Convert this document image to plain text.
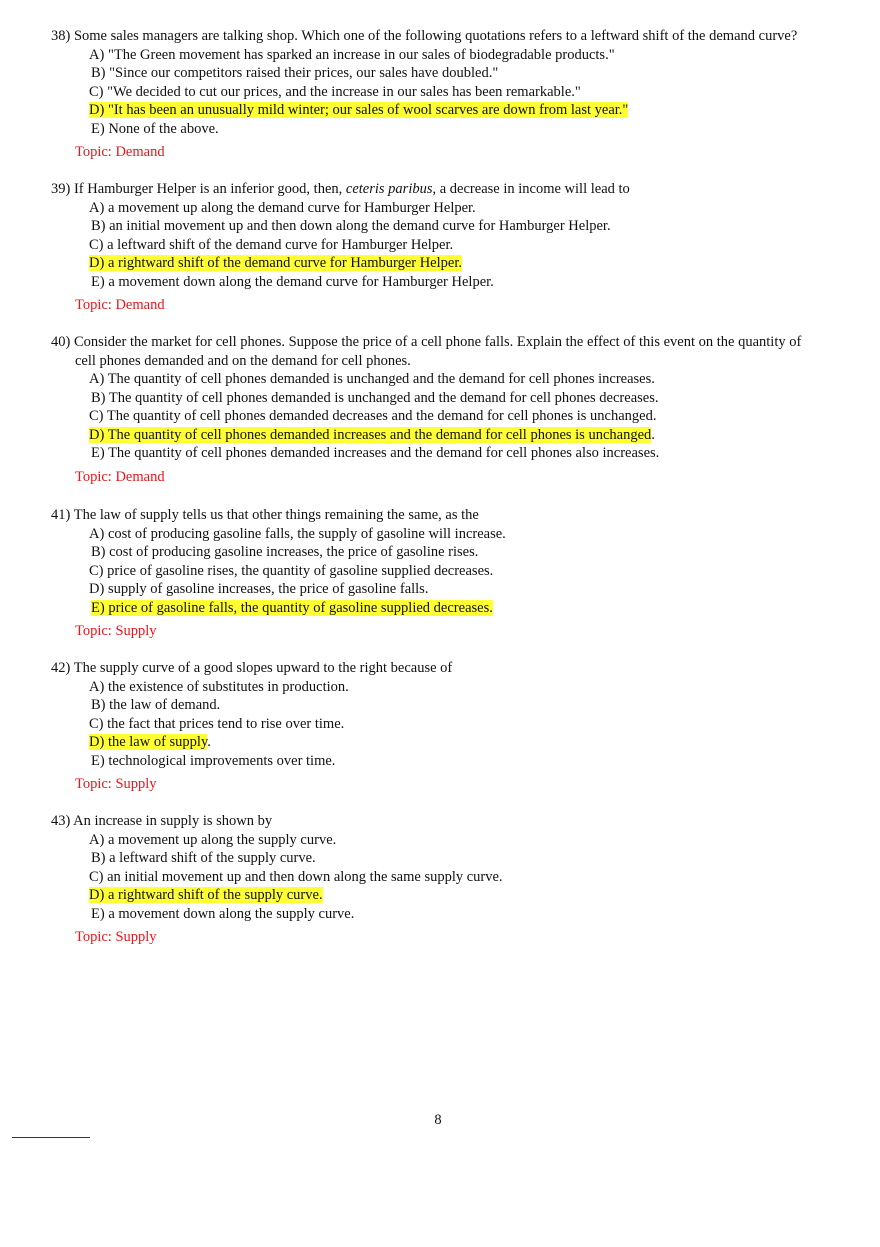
38) Some sales managers are talking shop. Which one of the following quotations refers to a leftward shift of the demand curve?
A) "The Green movement has sparked an increase in our sales of biodegradable products."
B) "Since our competitors raised their prices, our sales have doubled."
C) "We decided to cut our prices, and the increase in our sales has been remarkable."
D) "It has been an unusually mild winter; our sales of wool scarves are down from last year."
E) None of the above.
Topic: Demand
39) If Hamburger Helper is an inferior good, then, ceteris paribus, a decrease in income will lead to
A) a movement up along the demand curve for Hamburger Helper.
B) an initial movement up and then down along the demand curve for Hamburger Helper.
C) a leftward shift of the demand curve for Hamburger Helper.
D) a rightward shift of the demand curve for Hamburger Helper.
E) a movement down along the demand curve for Hamburger Helper.
Topic: Demand
40) Consider the market for cell phones. Suppose the price of a cell phone falls. Explain the effect of this event on the quantity of
cell phones demanded and on the demand for cell phones.
A) The quantity of cell phones demanded is unchanged and the demand for cell phones increases.
B) The quantity of cell phones demanded is unchanged and the demand for cell phones decreases.
C) The quantity of cell phones demanded decreases and the demand for cell phones is unchanged.
D) The quantity of cell phones demanded increases and the demand for cell phones is unchanged.
E) The quantity of cell phones demanded increases and the demand for cell phones also increases.
Topic: Demand
41) The law of supply tells us that other things remaining the same, as the
A) cost of producing gasoline falls, the supply of gasoline will increase.
B) cost of producing gasoline increases, the price of gasoline rises.
C) price of gasoline rises, the quantity of gasoline supplied decreases.
D) supply of gasoline increases, the price of gasoline falls.
E) price of gasoline falls, the quantity of gasoline supplied decreases.
Topic: Supply
42) The supply curve of a good slopes upward to the right because of
A) the existence of substitutes in production.
B) the law of demand.
C) the fact that prices tend to rise over time.
D) the law of supply.
E) technological improvements over time.
Topic: Supply
43) An increase in supply is shown by
A) a movement up along the supply curve.
B) a leftward shift of the supply curve.
C) an initial movement up and then down along the same supply curve.
D) a rightward shift of the supply curve.
E) a movement down along the supply curve.
Topic: Supply
8
